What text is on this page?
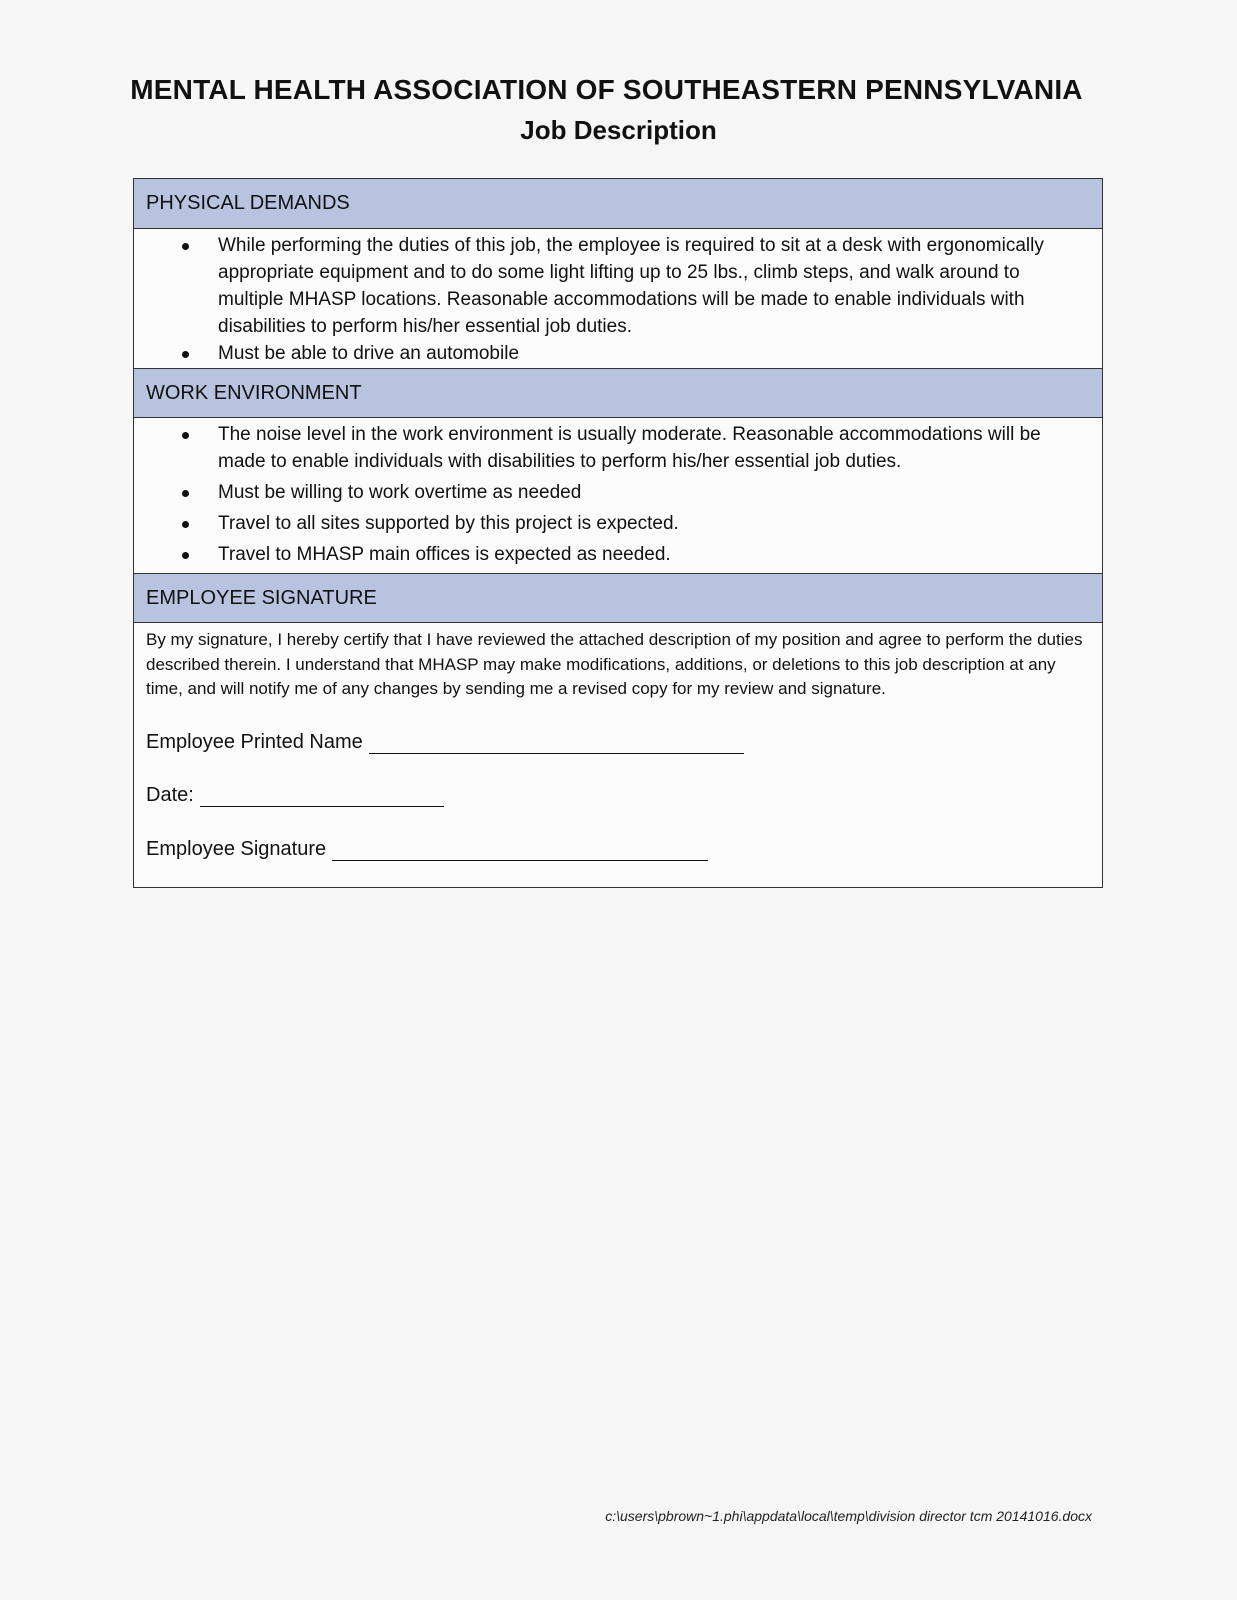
MENTAL HEALTH ASSOCIATION OF SOUTHEASTERN PENNSYLVANIA
Job Description
PHYSICAL DEMANDS
While performing the duties of this job, the employee is required to sit at a desk with ergonomically appropriate equipment and to do some light lifting up to 25 lbs., climb steps, and walk around to multiple MHASP locations. Reasonable accommodations will be made to enable individuals with disabilities to perform his/her essential job duties.
Must be able to drive an automobile
WORK ENVIRONMENT
The noise level in the work environment is usually moderate. Reasonable accommodations will be made to enable individuals with disabilities to perform his/her essential job duties.
Must be willing to work overtime as needed
Travel to all sites supported by this project is expected.
Travel to MHASP main offices is expected as needed.
EMPLOYEE SIGNATURE

By my signature, I hereby certify that I have reviewed the attached description of my position and agree to perform the duties described therein. I understand that MHASP may make modifications, additions, or deletions to this job description at any time, and will notify me of any changes by sending me a revised copy for my review and signature.

Employee Printed Name
Date:
Employee Signature
c:\users\pbrown~1.phi\appdata\local\temp\division director tcm 20141016.docx
